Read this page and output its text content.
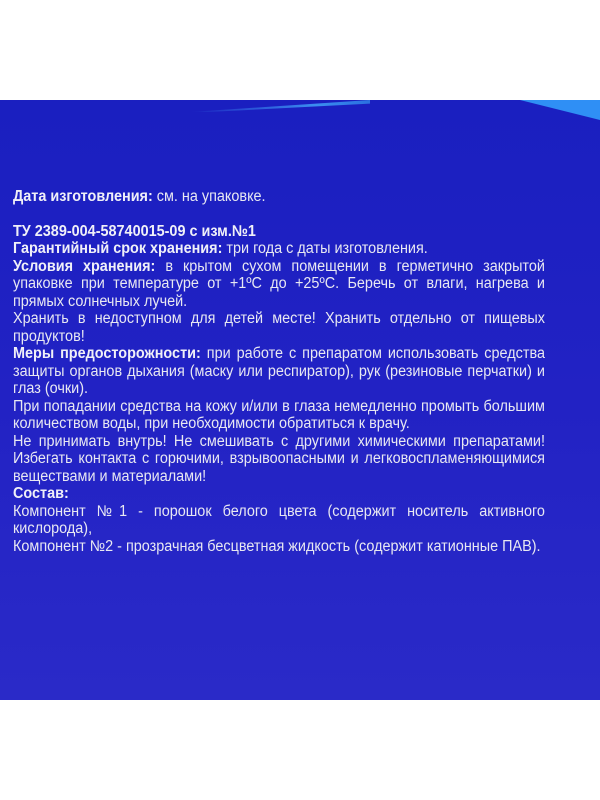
Дата изготовления: см. на упаковке.

ТУ 2389-004-58740015-09 с изм.№1

Гарантийный срок хранения: три года с даты изготовления.

Условия хранения: в крытом сухом помещении в герметично закрытой упаковке при температуре от +1ºС до +25ºС. Беречь от влаги, нагрева и прямых солнечных лучей.

Хранить в недоступном для детей месте! Хранить отдельно от пищевых продуктов!

Меры предосторожности: при работе с препаратом использовать средства защиты органов дыхания (маску или респиратор), рук (резиновые перчатки) и глаз (очки).

При попадании средства на кожу и/или в глаза немедленно промыть большим количеством воды, при необходимости обратиться к врачу.

Не принимать внутрь! Не смешивать с другими химическими препаратами! Избегать контакта с горючими, взрывоопасными и легковоспламеняющимися веществами и материалами!

Состав:

Компонент №1 - порошок белого цвета (содержит носитель активного кислорода),

Компонент №2 - прозрачная бесцветная жидкость (содержит катионные ПАВ).
